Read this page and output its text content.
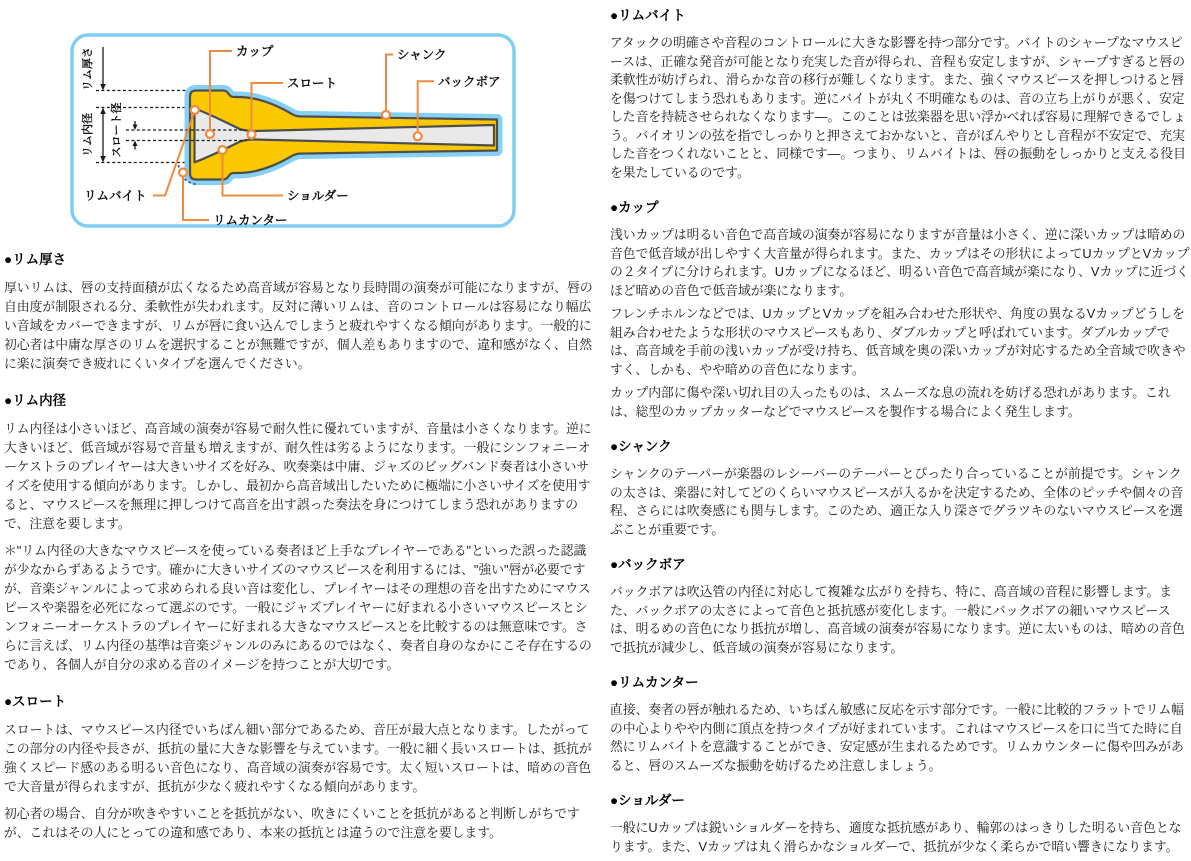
カップ
スロート
シャンク
バックボア
ショルダー
リムカンター
リムバイト
リム厚さ
リム内径 スロート径
●リム厚さ

厚いリムは、唇の支持面積が広くなるため高音域が容易となり長時間の演奏が可能になりますが、唇の自由度が制限される分、柔軟性が失われます。反対に薄いリムは、音のコントロールは容易になり幅広い音域をカバーできますが、リムが唇に食い込んでしまうと疲れやすくなる傾向があります。一般的に初心者は中庸な厚さのリムを選択することが無難ですが、個人差もありますので、違和感がなく、自然に楽に演奏でき疲れにくいタイプを選んでください。

●リム内径

リム内径は小さいほど、高音域の演奏が容易で耐久性に優れていますが、音量は小さくなります。逆に大きいほど、低音域が容易で音量も増えますが、耐久性は劣るようになります。一般にシンフォニーオーケストラのプレイヤーは大きいサイズを好み、吹奏楽は中庸、ジャズのビッグバンド奏者は小さいサイズを使用する傾向があります。しかし、最初から高音域出したいために極端に小さいサイズを使用すると、マウスピースを無理に押しつけて高音を出す誤った奏法を身につけてしまう恐れがありますので、注意を要します。

＊"リム内径の大きなマウスピースを使っている奏者ほど上手なプレイヤーである"といった誤った認識が少なからずあるようです。確かに大きいサイズのマウスピースを利用するには、"強い"唇が必要ですが、音楽ジャンルによって求められる良い音は変化し、プレイヤーはその理想の音を出すためにマウスピースや楽器を必死になって選ぶのです。一般にジャズプレイヤーに好まれる小さいマウスピースとシンフォニーオーケストラのプレイヤーに好まれる大きなマウスピースとを比較するのは無意味です。さらに言えば、リム内径の基準は音楽ジャンルのみにあるのではなく、奏者自身のなかにこそ存在するのであり、各個人が自分の求める音のイメージを持つことが大切です。

●スロート

スロートは、マウスピース内径でいちばん細い部分であるため、音圧が最大点となります。したがってこの部分の内径や長さが、抵抗の量に大きな影響を与えています。一般に細く長いスロートは、抵抗が強くスピード感のある明るい音色になり、高音域の演奏が容易です。太く短いスロートは、暗めの音色で大音量が得られますが、抵抗が少なく疲れやすくなる傾向があります。

初心者の場合、自分が吹きやすいことを抵抗がない、吹きにくいことを抵抗があると判断しがちですが、これはその人にとっての違和感であり、本来の抵抗とは違うので注意を要します。

●リムバイト

アタックの明確さや音程のコントロールに大きな影響を持つ部分です。バイトのシャープなマウスピースは、正確な発音が可能となり充実した音が得られ、音程も安定しますが、シャープすぎると唇の柔軟性が妨げられ、滑らかな音の移行が難しくなります。また、強くマウスピースを押しつけると唇を傷つけてしまう恐れもあります。逆にバイトが丸く不明確なものは、音の立ち上がりが悪く、安定した音を持続させられなくなります―。このことは弦楽器を思い浮かべれば容易に理解できるでしょう。バイオリンの弦を指でしっかりと押さえておかないと、音がぼんやりとし音程が不安定で、充実した音をつくれないことと、同様です―。つまり、リムバイトは、唇の振動をしっかりと支える役目を果たしているのです。

●カップ

浅いカップは明るい音色で高音域の演奏が容易になりますが音量は小さく、逆に深いカップは暗めの音色で低音域が出しやすく大音量が得られます。また、カップはその形状によってUカップとVカップの２タイプに分けられます。Uカップになるほど、明るい音色で高音域が楽になり、Vカップに近づくほど暗めの音色で低音域が楽になります。

フレンチホルンなどでは、UカップとVカップを組み合わせた形状や、角度の異なるVカップどうしを組み合わせたような形状のマウスピースもあり、ダブルカップと呼ばれています。ダブルカップでは、高音域を手前の浅いカップが受け持ち、低音域を奥の深いカップが対応するため全音域で吹きやすく、しかも、やや暗めの音色になります。

カップ内部に傷や深い切れ目の入ったものは、スムーズな息の流れを妨げる恐れがあります。これは、総型のカップカッターなどでマウスピースを製作する場合によく発生します。

●シャンク

シャンクのテーパーが楽器のレシーバーのテーパーとぴったり合っていることが前提です。シャンクの太さは、楽器に対してどのくらいマウスピースが入るかを決定するため、全体のピッチや個々の音程、さらには吹奏感にも関与します。このため、適正な入り深さでグラツキのないマウスピースを選ぶことが重要です。

●バックボア

バックボアは吹込管の内径に対応して複雑な広がりを持ち、特に、高音域の音程に影響します。また、バックボアの太さによって音色と抵抗感が変化します。一般にバックボアの細いマウスピースは、明るめの音色になり抵抗が増し、高音域の演奏が容易になります。逆に太いものは、暗めの音色で抵抗が減少し、低音域の演奏が容易になります。

●リムカンター

直接、奏者の唇が触れるため、いちばん敏感に反応を示す部分です。一般に比較的フラットでリム幅の中心よりやや内側に頂点を持つタイプが好まれています。これはマウスピースを口に当てた時に自然にリムバイトを意識することができ、安定感が生まれるためです。リムカウンターに傷や凹みがあると、唇のスムーズな振動を妨げるため注意しましょう。

●ショルダー

一般にUカップは鋭いショルダーを持ち、適度な抵抗感があり、輪郭のはっきりした明るい音色となります。また、Vカップは丸く滑らかなショルダーで、抵抗が少なく柔らかで暗い響きになります。
